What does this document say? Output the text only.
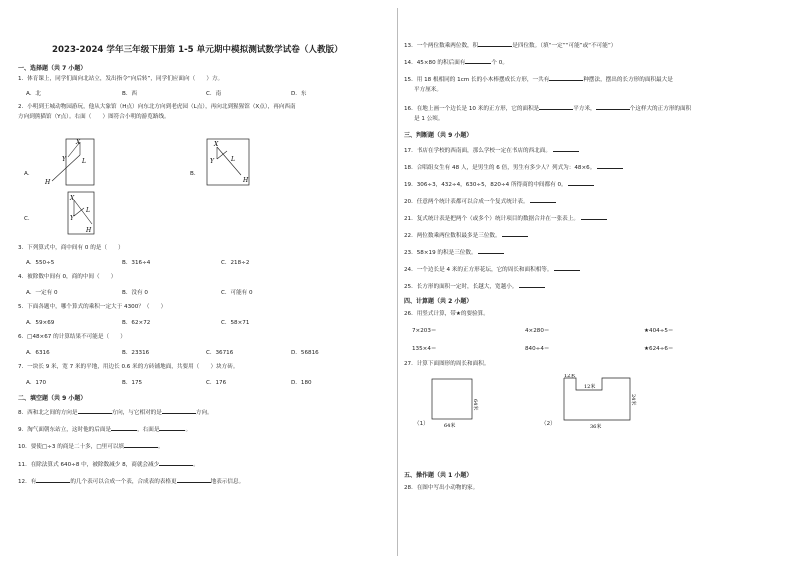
2023-2024 学年三年级下册第 1-5 单元期中模拟测试数学试卷（人教版）
一、选择题（共 7 小题）
1．体育课上，同学们面向北站立，发出指令“向后转”，同学们应面向（　　）方。
A．北	B．西	C．南	D．东
2．小明到王城动物园游玩，他从大象馆（H点）向东北方向到老虎园（L点），再向北到猩猩馆（X点），再向西南
方向到熊猫馆（Y点）。右面（　　）图符合小明的游览路线。
A．
H
L
X
Y
B．
H
L
X
Y
C．
H
L
X
Y
3．下列算式中，商中间有 0 的是（　　）
A．550÷5	B．316÷4	C．218÷2
4．被除数中间有 0，商的中间（　　）
A．一定有 0	B．没有 0	C．可能有 0
5．下面各题中，哪个算式的乘积一定大于 4300？（　　）
A．59×69	B．62×72	C．58×71
6．□48×67 的计算结果不可能是（　　）
A．6316	B．23316	C．36716	D．56816
7．一块长 9 米，宽 7 米的平地，用边长 0.6 米的方砖铺地面，共要用（　　）块方砖。
A．170	B．175	C．176	D．180
二、填空题（共 9 小题）
8．西和北之间的方向是	方向，与它相对的是	方向。
9．淘气面朝东站立，这时他的后面是	，右面是	。
10．要使□÷3 的商是二十多，□里可以填	。
11．在除法算式 640÷8 中，被除数减少 8，商就会减少	。
12．有	的几个表可以合成一个表，合成表的表格更	地表示信息。
13．一个两位数乘两位数，积	是四位数。（填“一定”“可能”或“不可能”）
14．45×80 的积后面有	个 0。
15．用 18 根相同的 1cm 长的小木棒摆成长方形，一共有	种摆法，摆出的长方形的面积最大是
平方厘米。
16．在地上画一个边长是 10 米的正方形，它的面积是	平方米，	个这样大的正方形的面积
是 1 公顷。
三、判断题（共 9 小题）
17．书店在学校的西南面，那么学校一定在书店的西北面。
18．合唱组女生有 48 人，是男生的 6 倍，男生有多少人？列式为：48×6。
19．306÷3，432÷4，630÷5，820÷4 所得商的中间都有 0。
20．任意两个统计表都可以合成一个复式统计表。
21．复式统计表是把两个（或多个）统计项目的数据合并在一张表上。
22．两位数乘两位数积最多是三位数。
23．58×19 的积是三位数。
24．一个边长是 4 米的正方形花坛，它的周长和面积相等。
25．长方形的面积一定时，长越大，宽越小。
四、计算题（共 2 小题）
26．用竖式计算，带★的要验算。
7×203＝	4×280＝	★404÷5＝
135×4＝	840÷4＝	★624÷6＝
27．计算下面图形的周长和面积。
64米
64米
（1）
12米
12米
24米
36米
（2）
五、操作题（共 1 小题）
28．在图中写出小动物的家。
